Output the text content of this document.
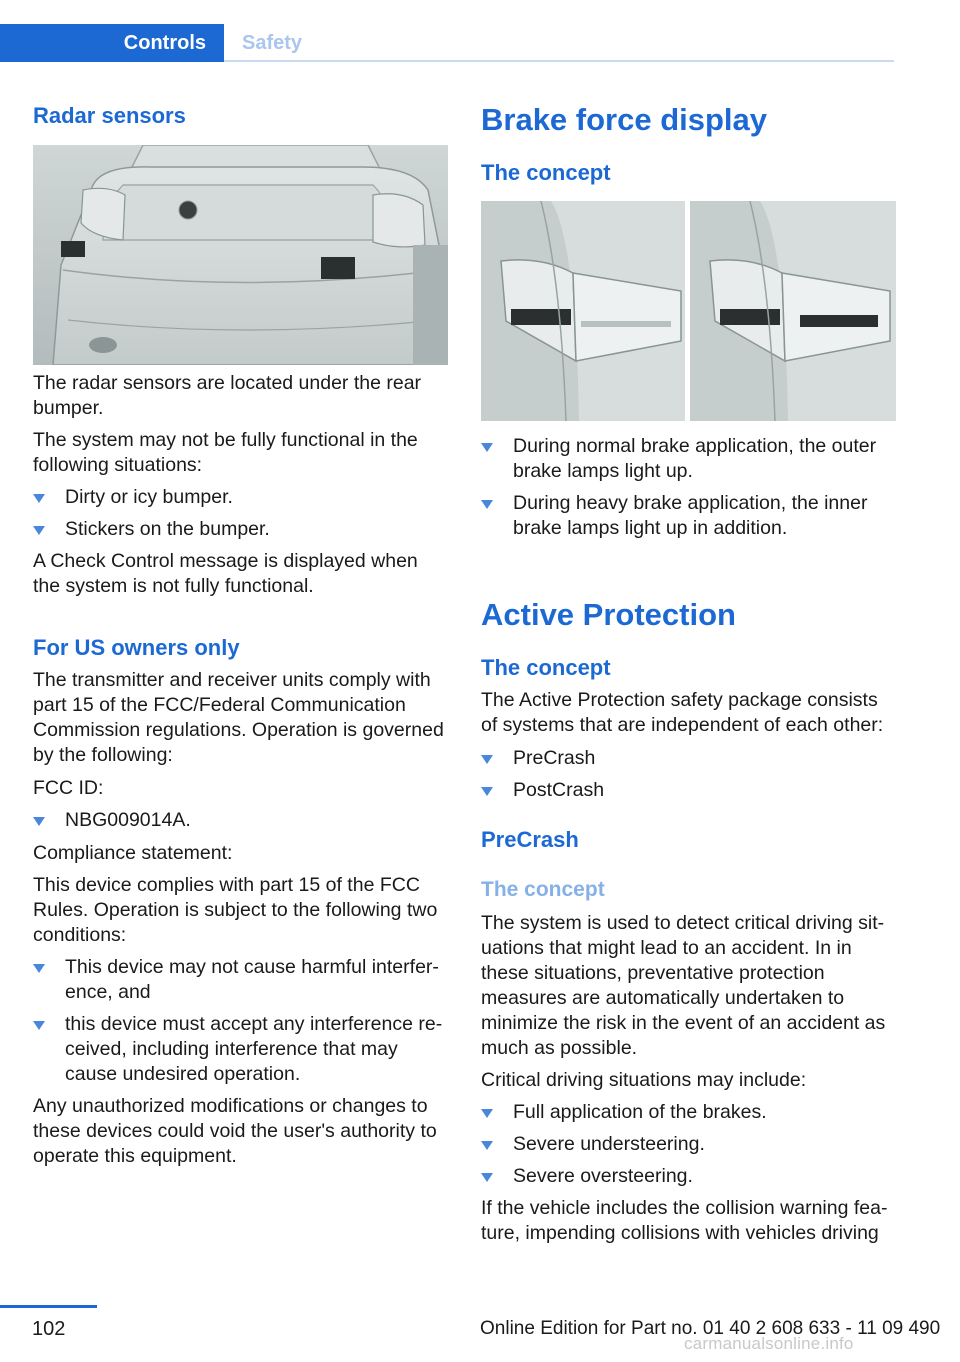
Controls	Safety
Radar sensors

The radar sensors are located under the rear bumper.

The system may not be fully functional in the following situations:

Dirty or icy bumper.
Stickers on the bumper.

A Check Control message is displayed when the system is not fully functional.

For US owners only

The transmitter and receiver units comply with part 15 of the FCC/Federal Communication Commission regulations. Operation is governed by the following:

FCC ID:

NBG009014A.

Compliance statement:

This device complies with part 15 of the FCC Rules. Operation is subject to the following two conditions:

This device may not cause harmful interference, and
this device must accept any interference received, including interference that may cause undesired operation.

Any unauthorized modifications or changes to these devices could void the user's authority to operate this equipment.

Brake force display
The concept
During normal brake application, the outer brake lamps light up.
During heavy brake application, the inner brake lamps light up in addition.
Active Protection
The concept

The Active Protection safety package consists of systems that are independent of each other:

PreCrash
PostCrash
PreCrash
The concept

The system is used to detect critical driving situations that might lead to an accident. In in these situations, preventative protection measures are automatically undertaken to minimize the risk in the event of an accident as much as possible.

Critical driving situations may include:

Full application of the brakes.
Severe understeering.
Severe oversteering.

If the vehicle includes the collision warning feature, impending collisions with vehicles driving

102	Online Edition for Part no. 01 40 2 608 633 - 11 09 490
carmanualsonline.info
